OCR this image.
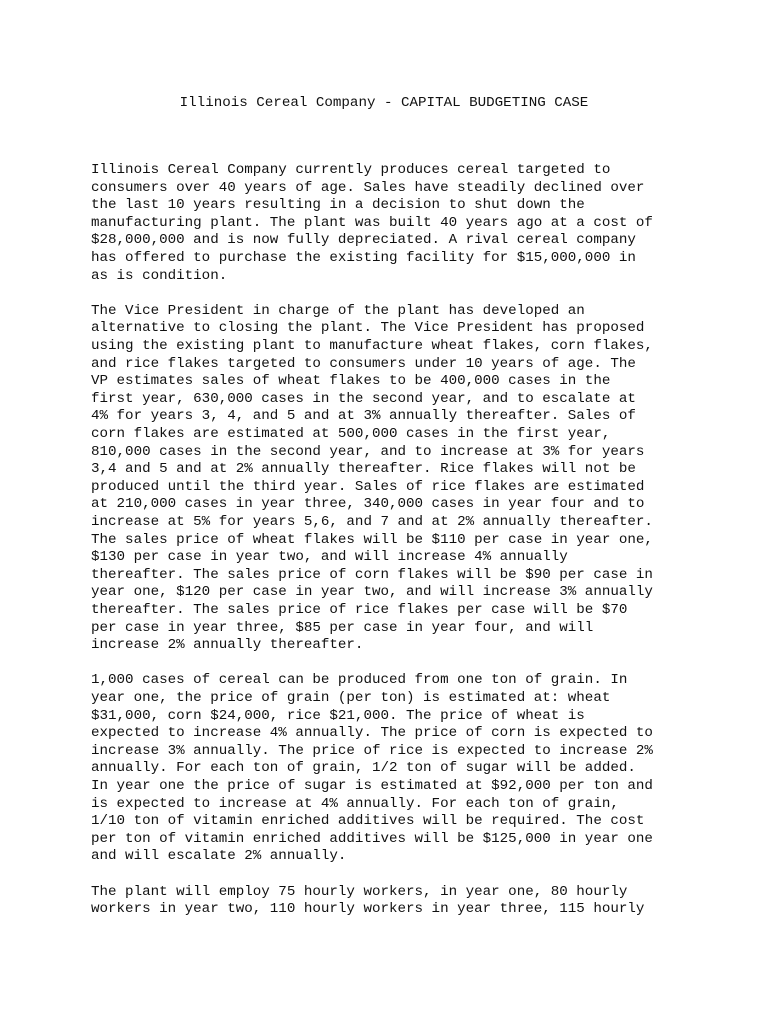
Illinois Cereal Company - CAPITAL BUDGETING CASE
Illinois Cereal Company currently produces cereal targeted to
consumers over 40 years of age. Sales have steadily declined over
the last 10 years resulting in a decision to shut down the
manufacturing plant. The plant was built 40 years ago at a cost of
$28,000,000 and is now fully depreciated. A rival cereal company
has offered to purchase the existing facility for $15,000,000 in
as is condition.
The Vice President in charge of the plant has developed an
alternative to closing the plant. The Vice President has proposed
using the existing plant to manufacture wheat flakes, corn flakes,
and rice flakes targeted to consumers under 10 years of age. The
VP estimates sales of wheat flakes to be 400,000 cases in the
first year, 630,000 cases in the second year, and to escalate at
4% for years 3, 4, and 5 and at 3% annually thereafter. Sales of
corn flakes are estimated at 500,000 cases in the first year,
810,000 cases in the second year, and to increase at 3% for years
3,4 and 5 and at 2% annually thereafter. Rice flakes will not be
produced until the third year. Sales of rice flakes are estimated
at 210,000 cases in year three, 340,000 cases in year four and to
increase at 5% for years 5,6, and 7 and at 2% annually thereafter.
The sales price of wheat flakes will be $110 per case in year one,
$130 per case in year two, and will increase 4% annually
thereafter. The sales price of corn flakes will be $90 per case in
year one, $120 per case in year two, and will increase 3% annually
thereafter. The sales price of rice flakes per case will be $70
per case in year three, $85 per case in year four, and will
increase 2% annually thereafter.
1,000 cases of cereal can be produced from one ton of grain. In
year one, the price of grain (per ton) is estimated at: wheat
$31,000, corn $24,000, rice $21,000. The price of wheat is
expected to increase 4% annually. The price of corn is expected to
increase 3% annually. The price of rice is expected to increase 2%
annually. For each ton of grain, 1/2 ton of sugar will be added.
In year one the price of sugar is estimated at $92,000 per ton and
is expected to increase at 4% annually. For each ton of grain,
1/10 ton of vitamin enriched additives will be required. The cost
per ton of vitamin enriched additives will be $125,000 in year one
and will escalate 2% annually.
The plant will employ 75 hourly workers, in year one, 80 hourly
workers in year two, 110 hourly workers in year three, 115 hourly
